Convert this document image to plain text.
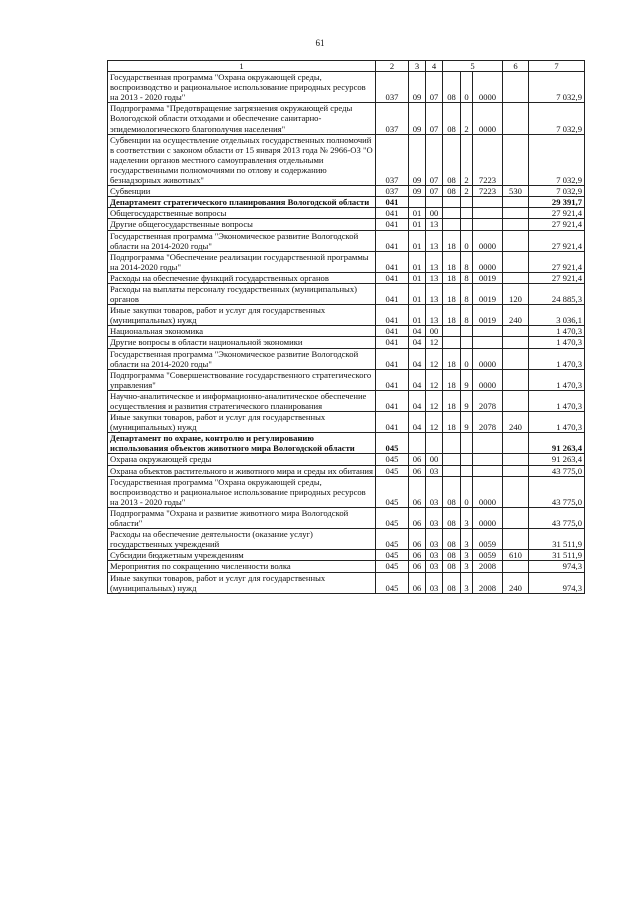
61
1	2	3	4	5			6	7
Государственная программа "Охрана окружающей среды, воспроизводство и рациональное использование природных ресурсов на 2013 - 2020 годы"	037	09	07	08	0	0000		7 032,9
Подпрограмма "Предотвращение загрязнения окружающей среды Вологодской области отходами и обеспечение санитарно-эпидемиологического благополучия населения"	037	09	07	08	2	0000		7 032,9
Субвенции на осуществление отдельных государственных полномочий в соответствии с законом области от 15 января 2013 года № 2966-ОЗ "О наделении органов местного самоуправления отдельными государственными полномочиями по отлову и содержанию безнадзорных животных"	037	09	07	08	2	7223		7 032,9
Субвенции	037	09	07	08	2	7223	530	7 032,9
Департамент стратегического планирования Вологодской области	041							29 391,7
Общегосударственные вопросы	041	01	00					27 921,4
Другие общегосударственные вопросы	041	01	13					27 921,4
Государственная программа "Экономическое развитие Вологодской области на 2014-2020 годы"	041	01	13	18	0	0000		27 921,4
Подпрограмма "Обеспечение реализации государственной программы на 2014-2020 годы"	041	01	13	18	8	0000		27 921,4
Расходы на обеспечение функций государственных органов	041	01	13	18	8	0019		27 921,4
Расходы на выплаты персоналу государственных (муниципальных) органов	041	01	13	18	8	0019	120	24 885,3
Иные закупки товаров, работ и услуг для государственных (муниципальных) нужд	041	01	13	18	8	0019	240	3 036,1
Национальная экономика	041	04	00					1 470,3
Другие вопросы в области национальной экономики	041	04	12					1 470,3
Государственная программа "Экономическое развитие Вологодской области на 2014-2020 годы"	041	04	12	18	0	0000		1 470,3
Подпрограмма "Совершенствование государственного стратегического управления"	041	04	12	18	9	0000		1 470,3
Научно-аналитическое и информационно-аналитическое обеспечение осуществления и развития стратегического планирования	041	04	12	18	9	2078		1 470,3
Иные закупки товаров, работ и услуг для государственных (муниципальных) нужд	041	04	12	18	9	2078	240	1 470,3
Департамент по охране, контролю и регулированию использования объектов животного мира Вологодской области	045							91 263,4
Охрана окружающей среды	045	06	00					91 263,4
Охрана объектов растительного и животного мира и среды их обитания	045	06	03					43 775,0
Государственная программа "Охрана окружающей среды, воспроизводство и рациональное использование природных ресурсов на 2013 - 2020 годы"	045	06	03	08	0	0000		43 775,0
Подпрограмма "Охрана и развитие животного мира Вологодской области"	045	06	03	08	3	0000		43 775,0
Расходы на обеспечение деятельности (оказание услуг) государственных учреждений	045	06	03	08	3	0059		31 511,9
Субсидии бюджетным учреждениям	045	06	03	08	3	0059	610	31 511,9
Мероприятия по сокращению численности волка	045	06	03	08	3	2008		974,3
Иные закупки товаров, работ и услуг для государственных (муниципальных) нужд	045	06	03	08	3	2008	240	974,3
